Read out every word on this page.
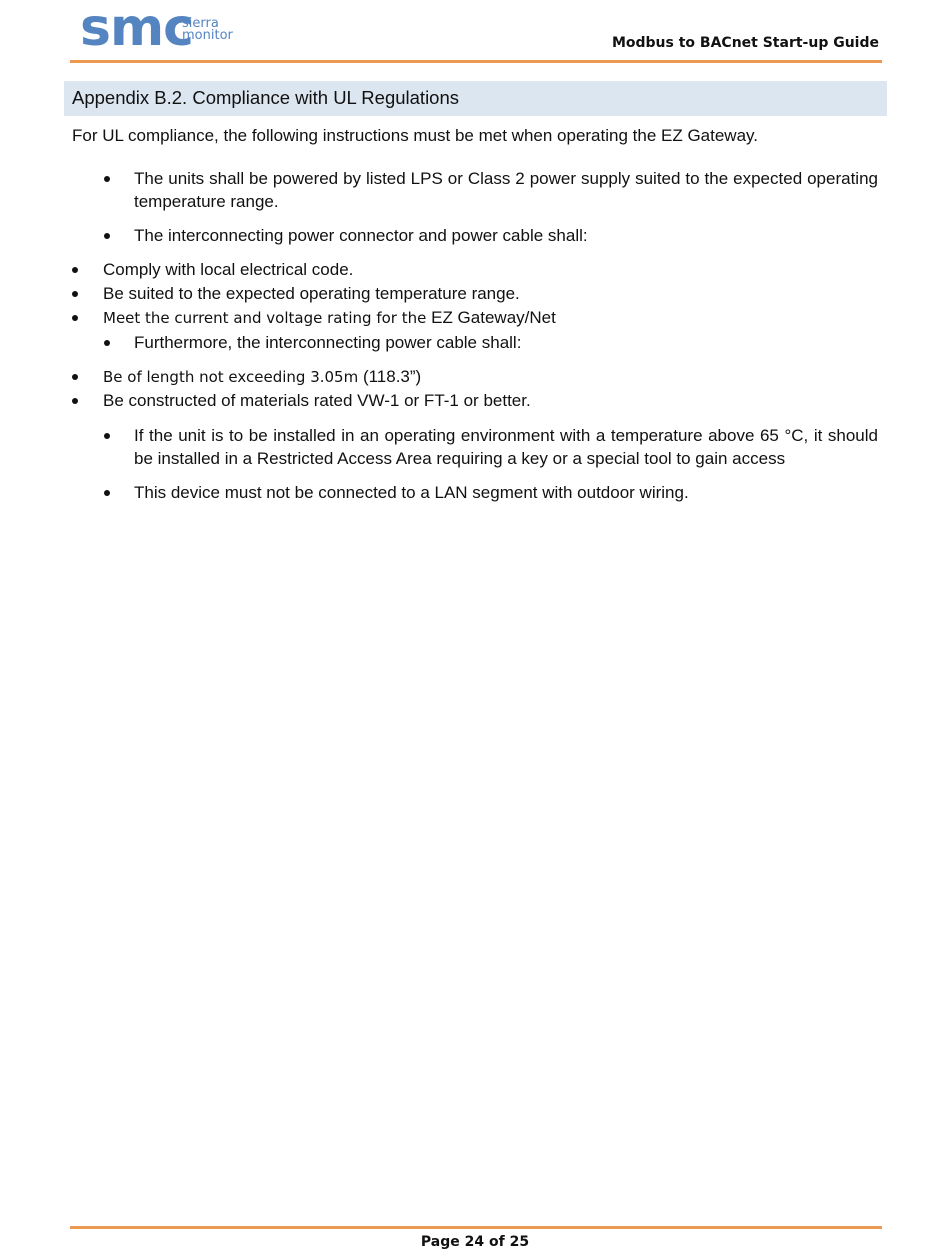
smc
sierra
monitor	Modbus to BACnet Start-up Guide
Appendix B.2. Compliance with UL Regulations
For UL compliance, the following instructions must be met when operating the EZ Gateway.
The units shall be powered by listed LPS or Class 2 power supply suited to the expected operating temperature range.
The interconnecting power connector and power cable shall:
Comply with local electrical code.
Be suited to the expected operating temperature range.
Meet the current and voltage rating for the EZ Gateway/Net
Furthermore, the interconnecting power cable shall:
Be of length not exceeding 3.05m (118.3”)
Be constructed of materials rated VW-1 or FT-1 or better.
If the unit is to be installed in an operating environment with a temperature above 65 °C, it should be installed in a Restricted Access Area requiring a key or a special tool to gain access
This device must not be connected to a LAN segment with outdoor wiring.
Page 24 of 25
